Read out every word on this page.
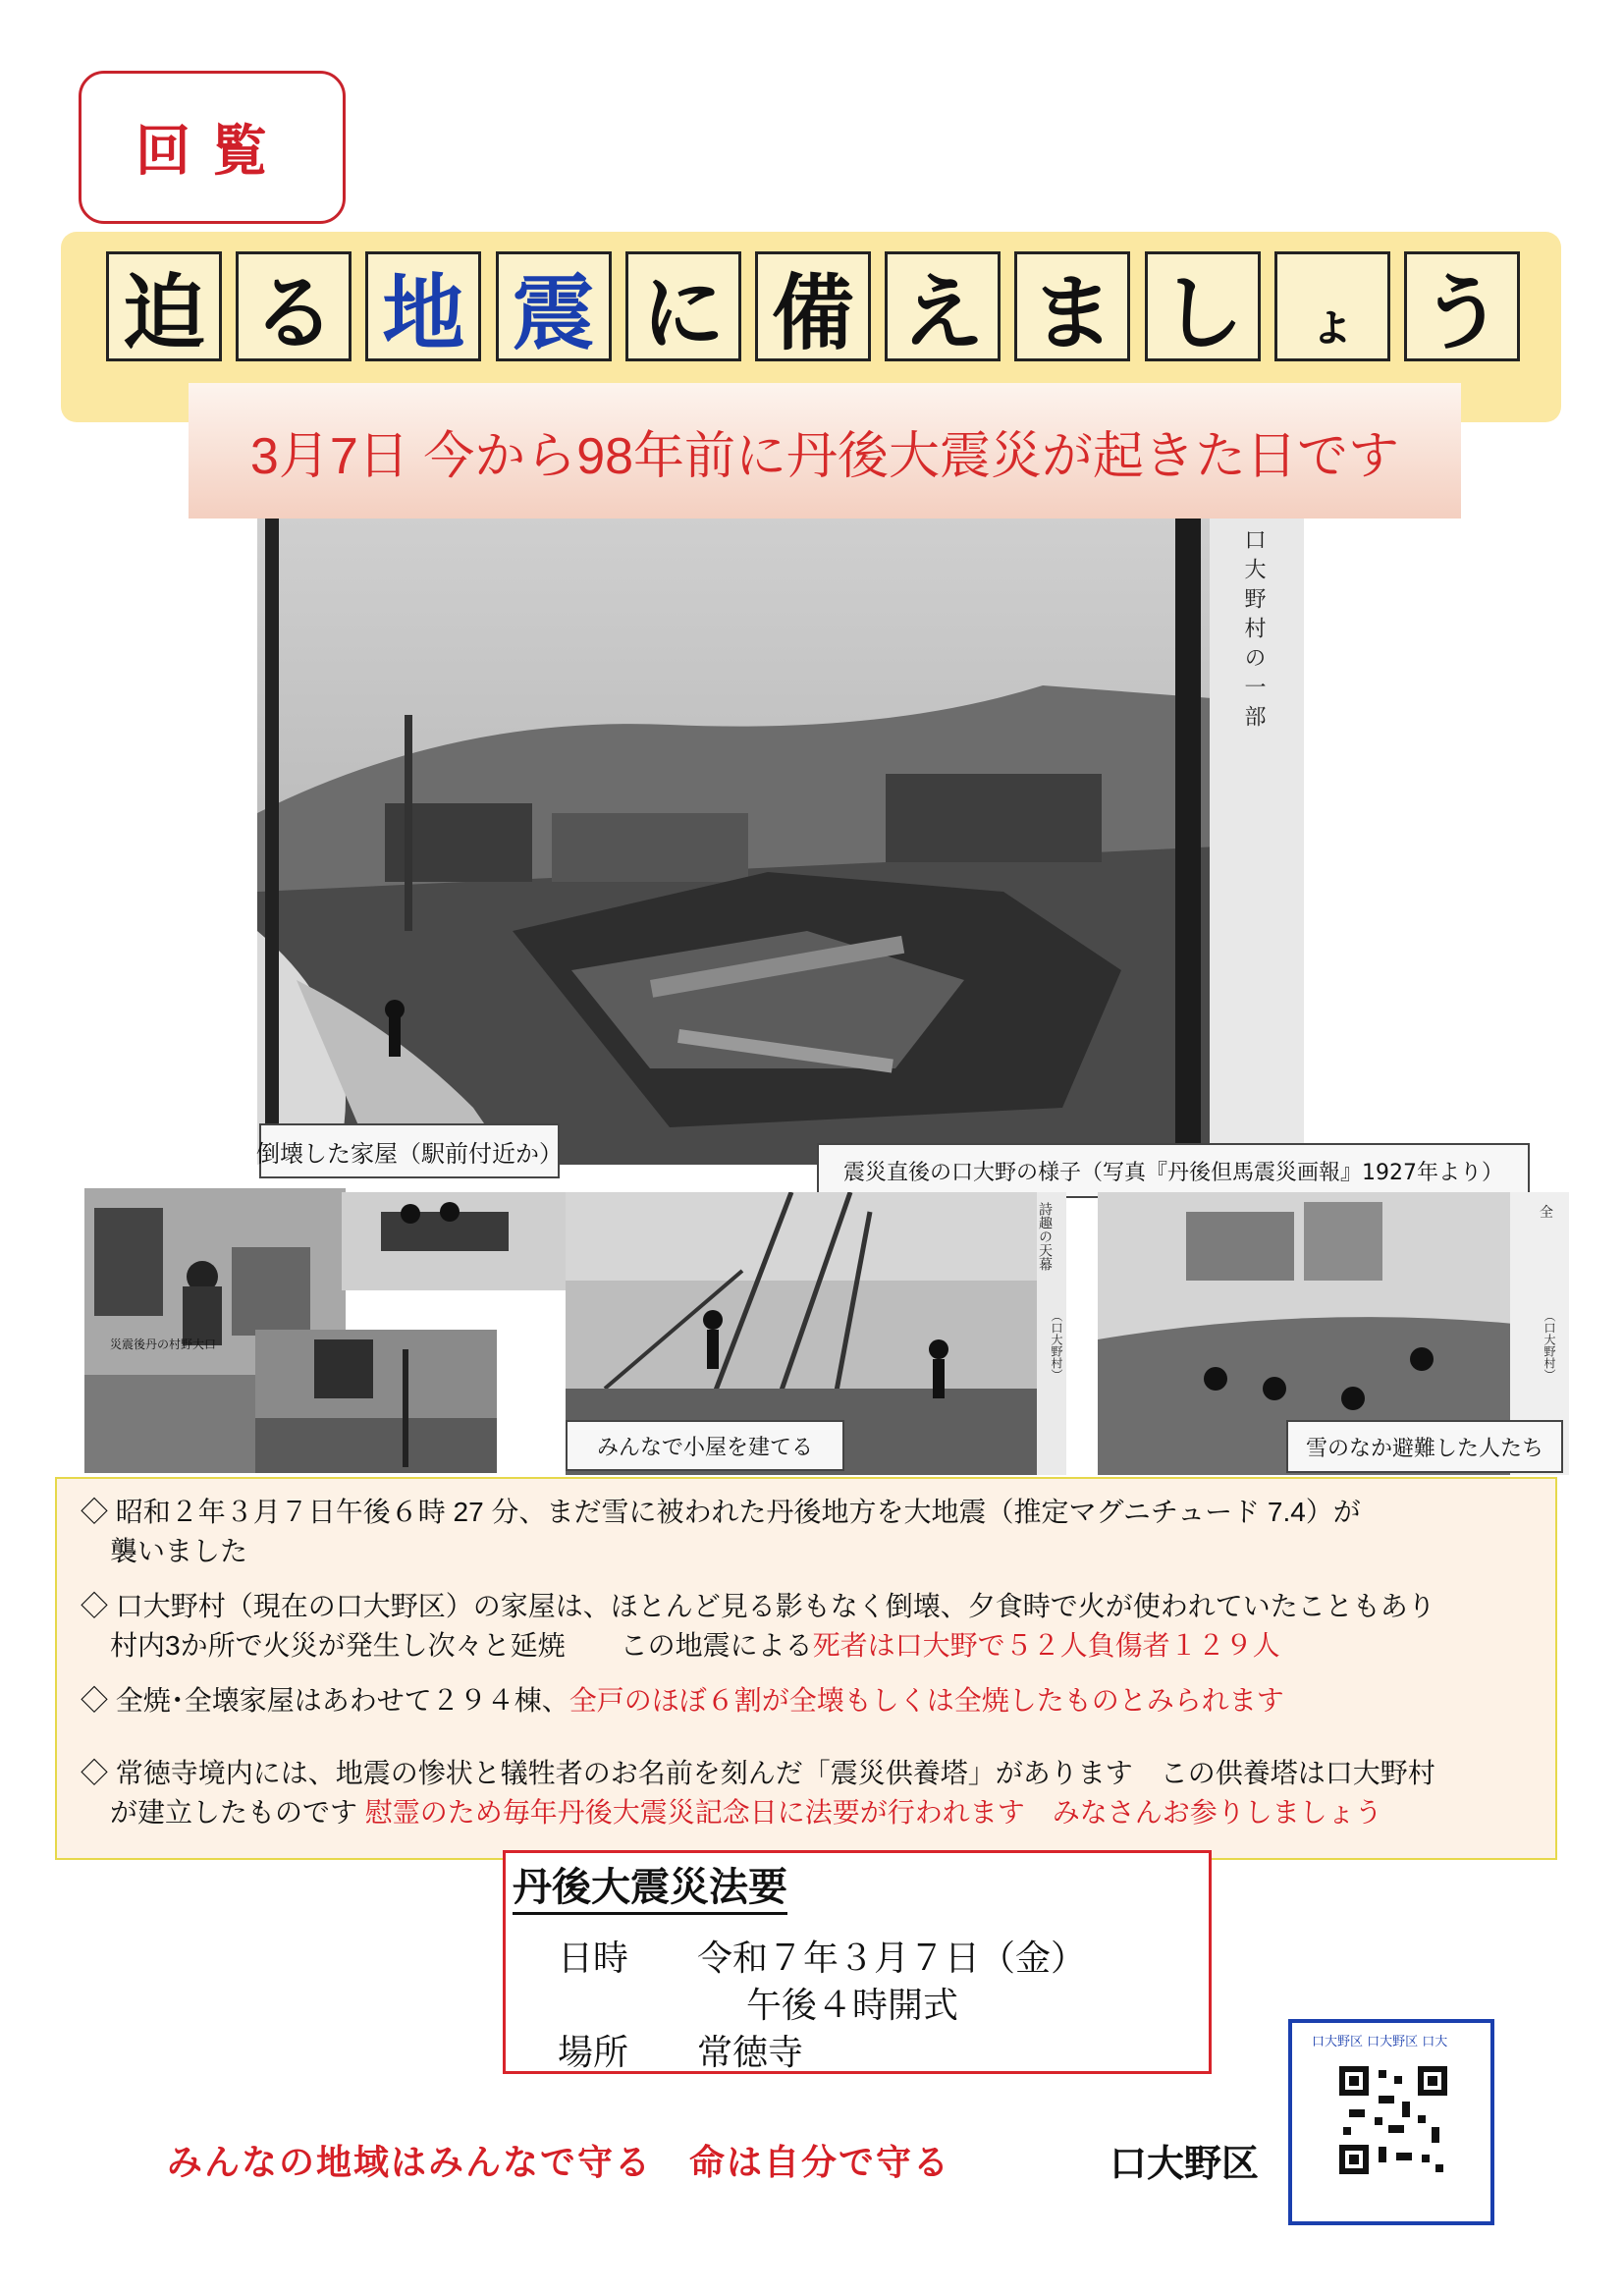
回覧
迫 る 地 震 に 備 え ま し	ょ う
3月7日 今から98年前に丹後大震災が起きた日です
口大野村の一部
倒壊した家屋（駅前付近か）
震災直後の口大野の様子（写真『丹後但馬震災画報』1927年より）
災震後丹の村野大口
詩趣の天幕
（口大野村）
みんなで小屋を建てる
全
（口大野村）
雪のなか避難した人たち
◇ 昭和２年３月７日午後６時 27 分、まだ雪に被われた丹後地方を大地震（推定マグニチュード 7.4）が
襲いました
◇ 口大野村（現在の口大野区）の家屋は、ほとんど見る影もなく倒壊、夕食時で火が使われていたこともあり
村内3か所で火災が発生し次々と延焼　　この地震による死者は口大野で５２人負傷者１２９人
◇ 全焼･全壊家屋はあわせて２９４棟、全戸のほぼ６割が全壊もしくは全焼したものとみられます
◇ 常徳寺境内には、地震の惨状と犠牲者のお名前を刻んだ「震災供養塔」があります　この供養塔は口大野村
が建立したものです 慰霊のため毎年丹後大震災記念日に法要が行われます　みなさんお参りしましょう
丹後大震災法要
日時 令和７年３月７日（金）
午後４時開式
場所 常徳寺
みんなの地域はみんなで守る　命は自分で守る	口大野区
口大野区 口大野区 口大
